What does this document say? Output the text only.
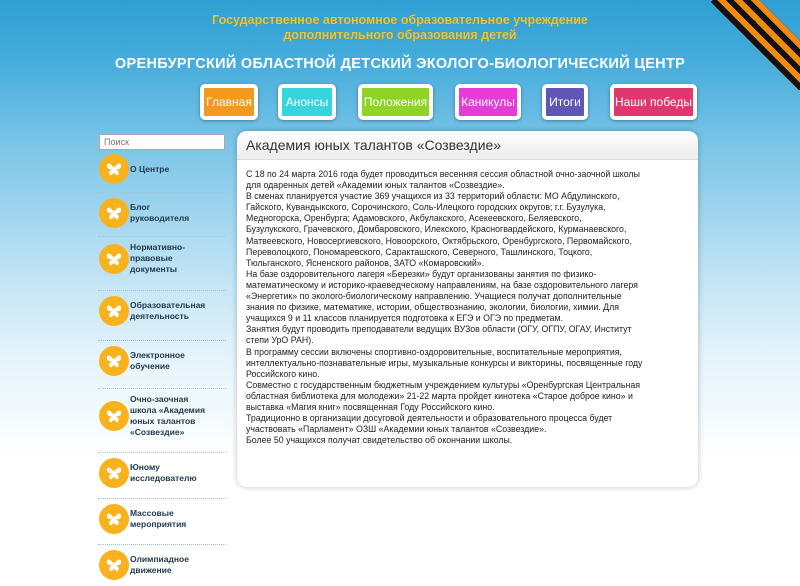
Государственное автономное образовательное учреждение
дополнительного образования детей
ОРЕНБУРГСКИЙ ОБЛАСТНОЙ ДЕТСКИЙ ЭКОЛОГО-БИОЛОГИЧЕСКИЙ ЦЕНТР
Главная	Анонсы	Положения	Каникулы	Итоги	Наши победы
Поиск
О Центре
Блог
руководителя
Нормативно-
правовые
документы
Образовательная
деятельность
Электронное
обучение
Очно-заочная
школа «Академия
юных талантов
«Созвездие»
Юному
исследователю
Массовые
мероприятия
Олимпиадное
движение
Академия юных талантов «Созвездие»

С 18 по 24 марта 2016 года будет проводиться весенняя сессия областной очно-заочной школы

для одаренных детей «Академии юных талантов «Созвездие».

В сменах планируется участие 369 учащихся из 33 территорий области: МО Абдулинского,

Гайского, Кувандыкского, Сорочинского, Соль-Илецкого городских округов; г.г. Бузулука,

Медногорска, Оренбурга; Адамовского, Акбулакского, Асекеевского, Беляевского,

Бузулукского, Грачевского, Домбаровского, Илекского, Красногвардейского, Курманаевского,

Матвеевского, Новосергиевского, Новоорского, Октябрьского, Оренбургского, Первомайского,

Переволоцкого, Пономаревского, Саракташского, Северного, Ташлинского, Тоцкого,

Тюльганского, Ясненского районов, ЗАТО «Комаровский».

На базе оздоровительного лагеря «Березки» будут организованы занятия по физико-

математическому и историко-краеведческому направлениям, на базе оздоровительного лагеря

«Энергетик» по эколого-биологическому направлению. Учащиеся получат дополнительные

знания по физике, математике, истории, обществознанию, экологии, биологии, химии. Для

учащихся 9 и 11 классов планируется подготовка к ЕГЭ и ОГЭ по предметам.

Занятия будут проводить преподаватели ведущих ВУЗов области (ОГУ, ОГПУ, ОГАУ, Институт

степи УрО РАН).

В программу сессии включены спортивно-оздоровительные, воспитательные мероприятия,

интеллектуально-познавательные игры, музыкальные конкурсы и викторины, посвященные году

Российского кино.

Совместно с государственным бюджетным учреждением культуры «Оренбургская Центральная

областная библиотека для молодежи» 21-22 марта пройдет кинотека «Старое доброе кино» и

выставка «Магия книг» посвященная Году Российского кино.

Традиционно в организации досуговой деятельности и образовательного процесса будет

участвовать «Парламент» ОЗШ «Академии юных талантов «Созвездие».

Более 50 учащихся получат свидетельство об окончании школы.
